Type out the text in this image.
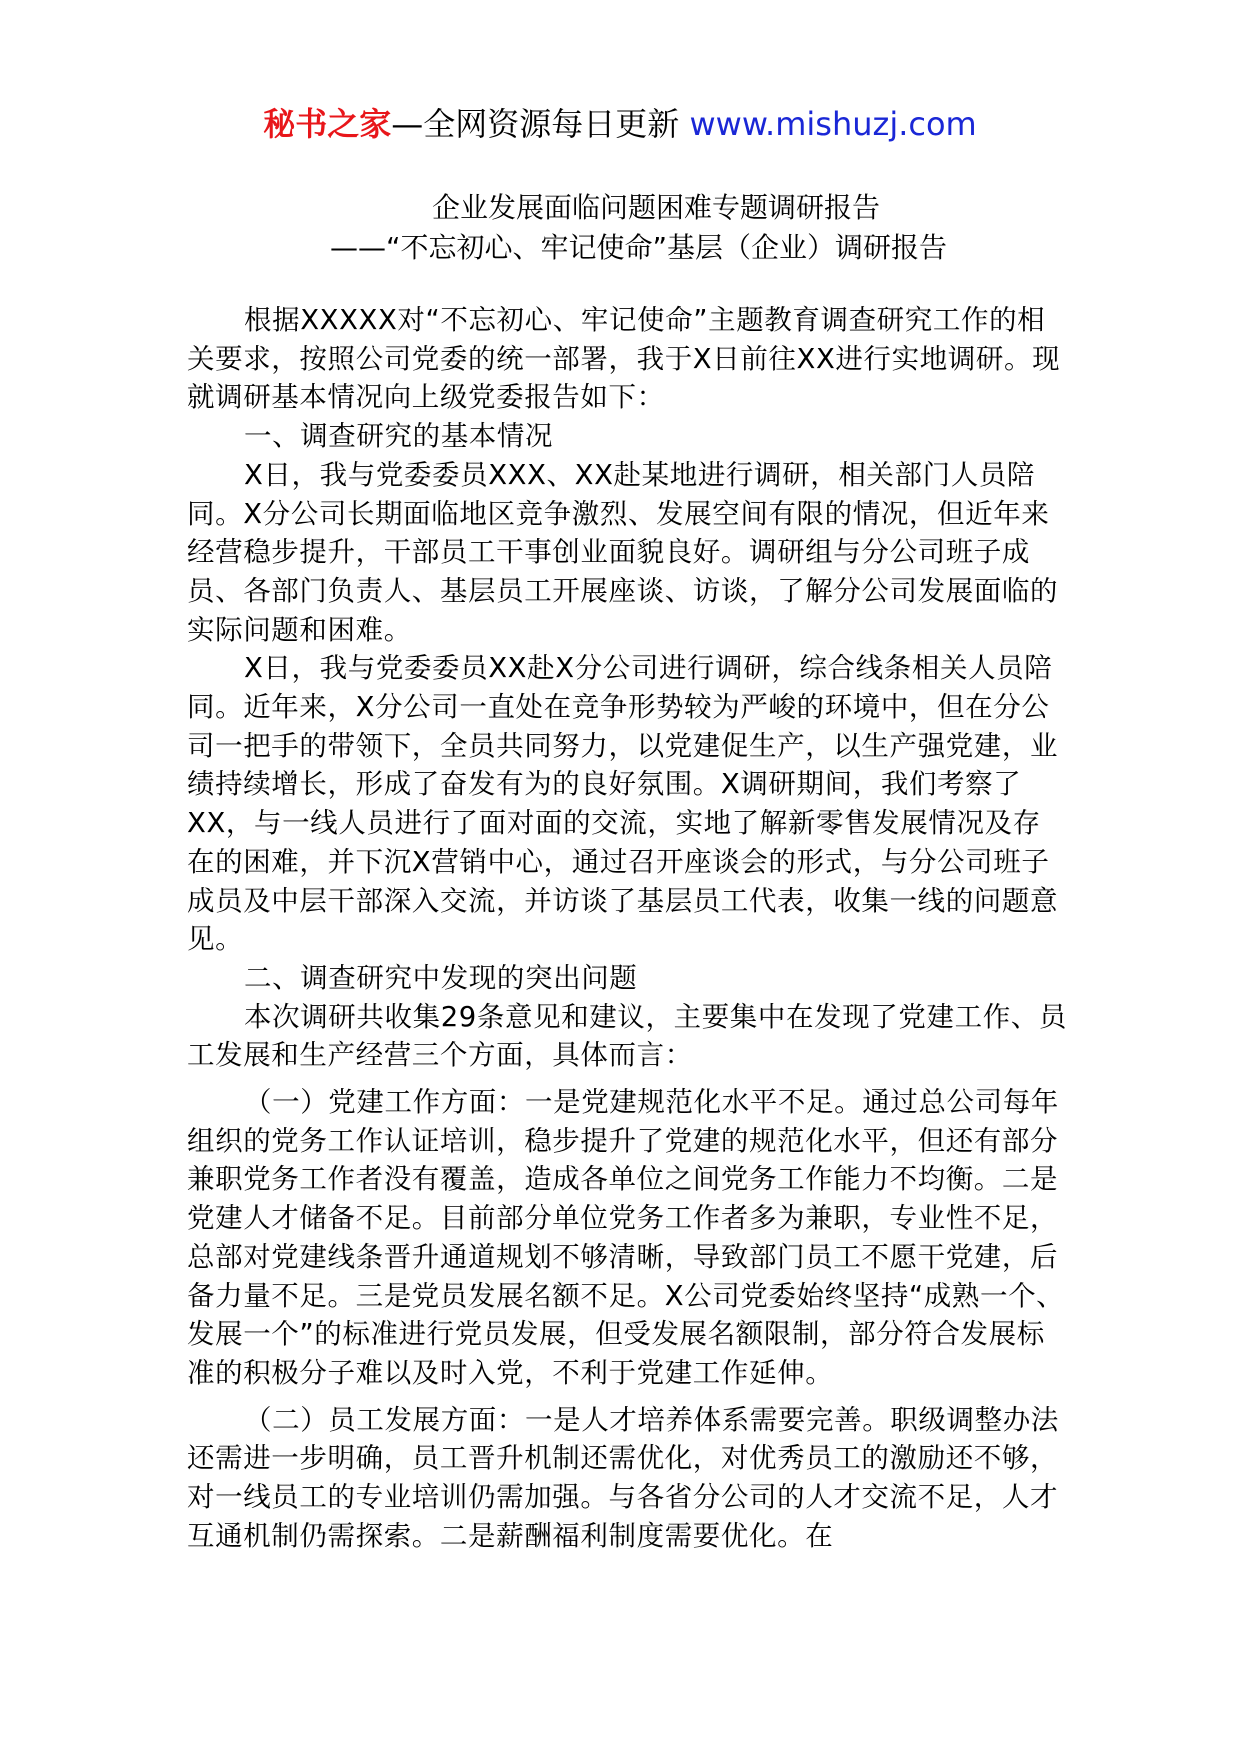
秘书之家—全网资源每日更新 www.mishuzj.com
企业发展面临问题困难专题调研报告
——“不忘初心、牢记使命”基层（企业）调研报告

根据XXXXX对“不忘初心、牢记使命”主题教育调查研究工作的相关要求，按照公司党委的统一部署，我于X日前往XX进行实地调研。现就调研基本情况向上级党委报告如下：

一、调查研究的基本情况

X日，我与党委委员XXX、XX赴某地进行调研，相关部门人员陪同。X分公司长期面临地区竞争激烈、发展空间有限的情况，但近年来经营稳步提升，干部员工干事创业面貌良好。调研组与分公司班子成员、各部门负责人、基层员工开展座谈、访谈，了解分公司发展面临的实际问题和困难。

X日，我与党委委员XX赴X分公司进行调研，综合线条相关人员陪同。近年来，X分公司一直处在竞争形势较为严峻的环境中，但在分公司一把手的带领下，全员共同努力，以党建促生产，以生产强党建，业绩持续增长，形成了奋发有为的良好氛围。X调研期间，我们考察了XX，与一线人员进行了面对面的交流，实地了解新零售发展情况及存在的困难，并下沉X营销中心，通过召开座谈会的形式，与分公司班子成员及中层干部深入交流，并访谈了基层员工代表，收集一线的问题意见。

二、调查研究中发现的突出问题

本次调研共收集29条意见和建议，主要集中在发现了党建工作、员工发展和生产经营三个方面，具体而言：

（一）党建工作方面：一是党建规范化水平不足。通过总公司每年组织的党务工作认证培训，稳步提升了党建的规范化水平，但还有部分兼职党务工作者没有覆盖，造成各单位之间党务工作能力不均衡。二是党建人才储备不足。目前部分单位党务工作者多为兼职，专业性不足，总部对党建线条晋升通道规划不够清晰，导致部门员工不愿干党建，后备力量不足。三是党员发展名额不足。X公司党委始终坚持“成熟一个、发展一个”的标准进行党员发展，但受发展名额限制，部分符合发展标准的积极分子难以及时入党，不利于党建工作延伸。

（二）员工发展方面：一是人才培养体系需要完善。职级调整办法还需进一步明确，员工晋升机制还需优化，对优秀员工的激励还不够，对一线员工的专业培训仍需加强。与各省分公司的人才交流不足，人才互通机制仍需探索。二是薪酬福利制度需要优化。在
